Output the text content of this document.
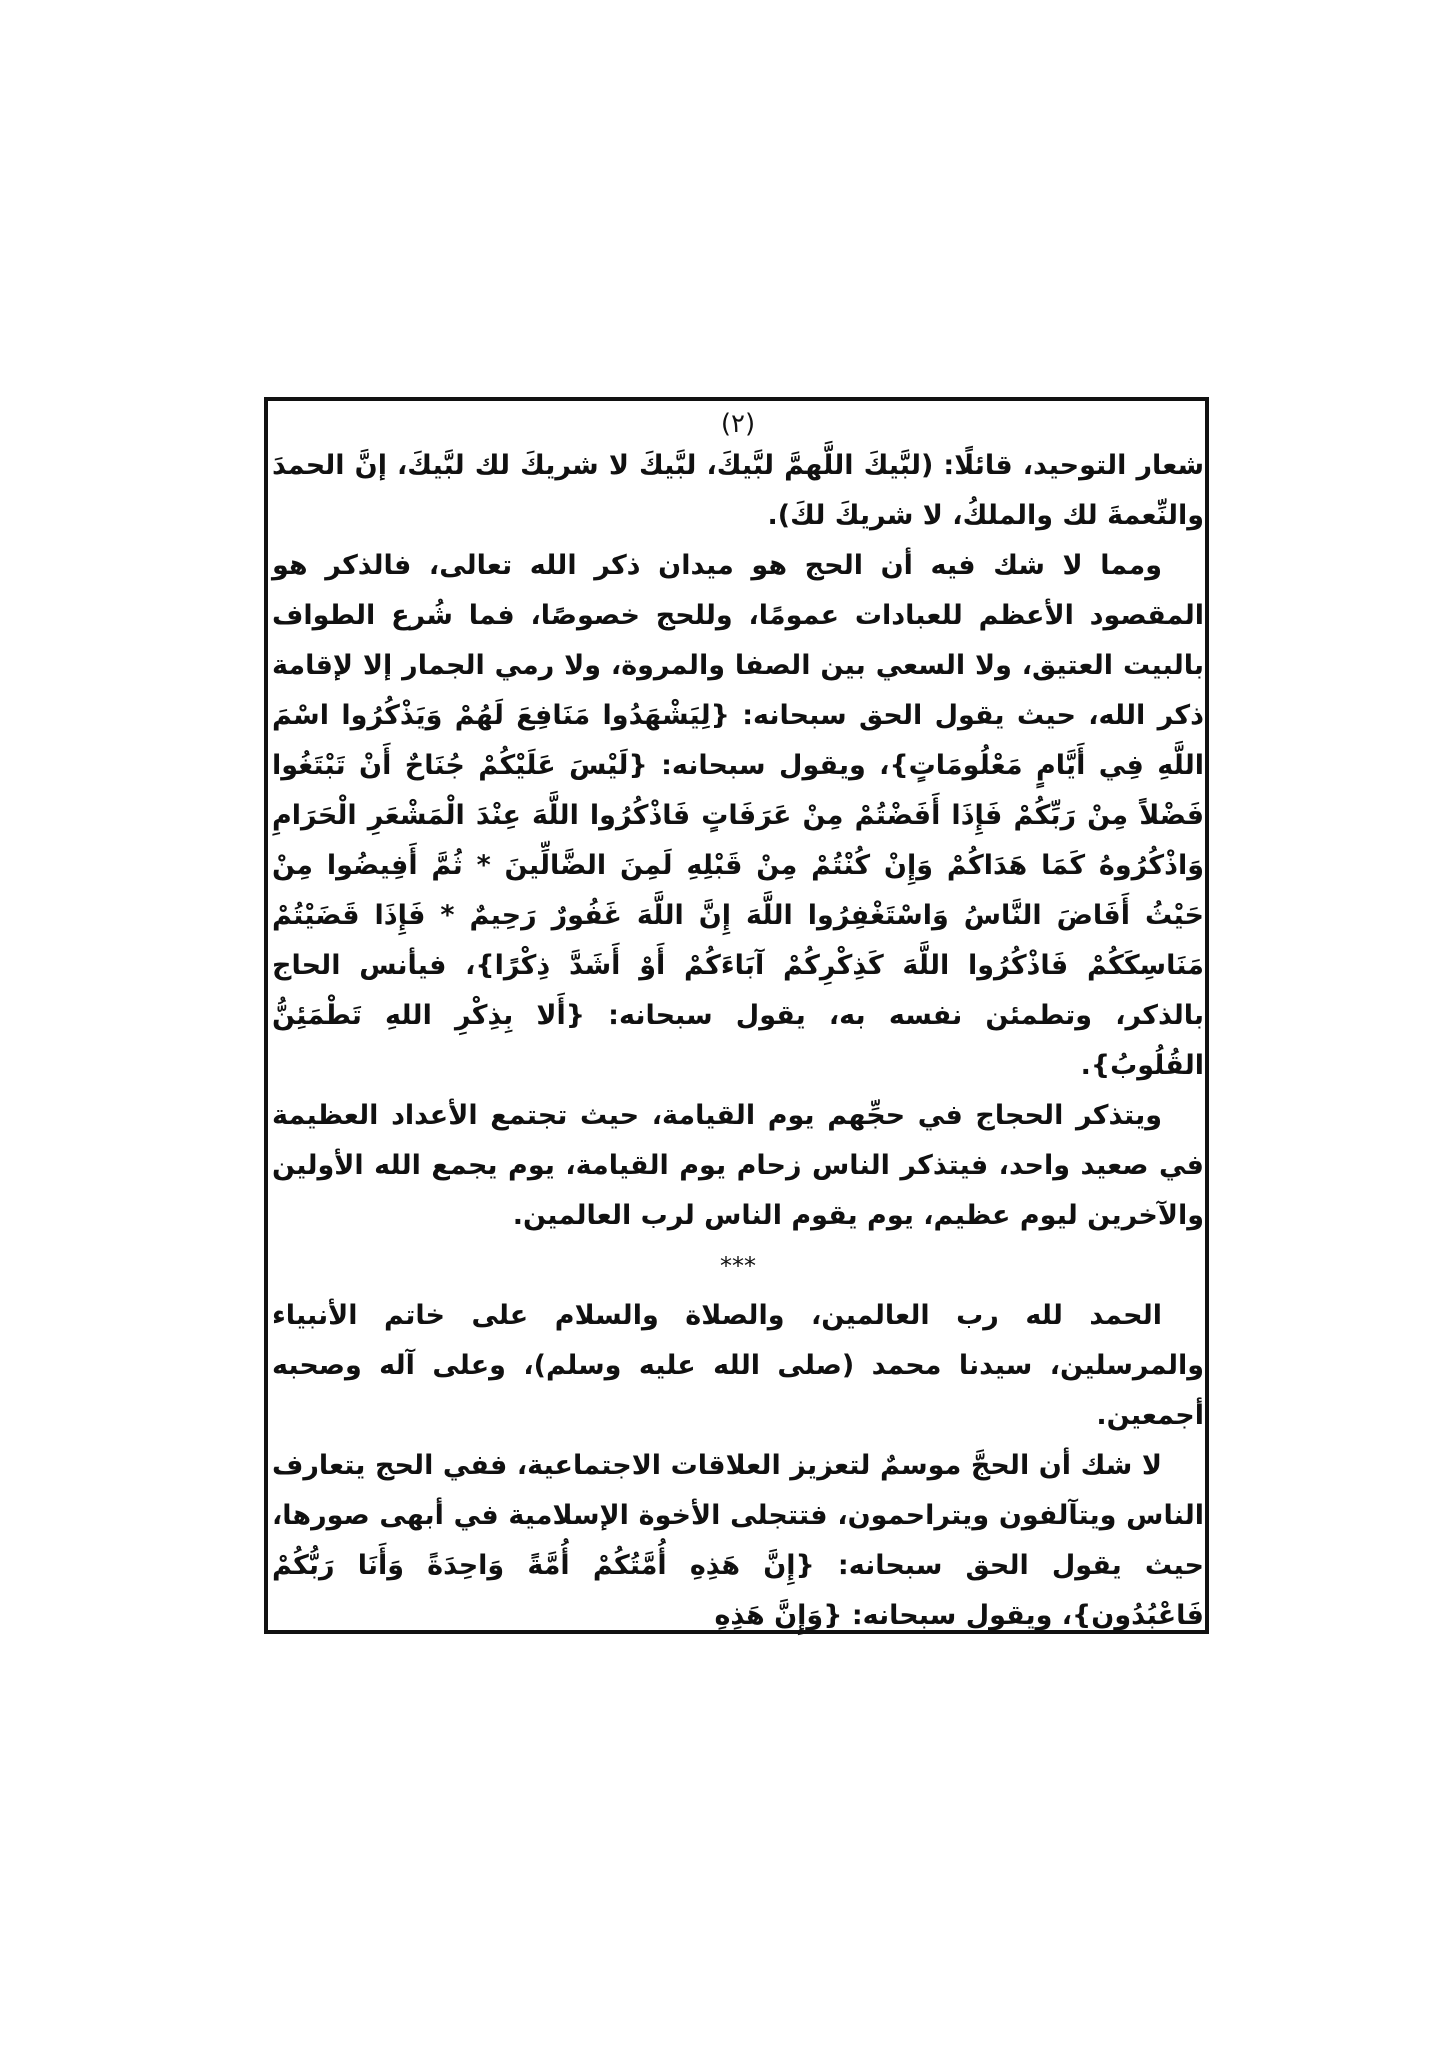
(٢)

شعار التوحيد، قائلًا: (لبَّيكَ اللَّهمَّ لبَّيكَ، لبَّيكَ لا شريكَ لك لبَّيكَ، إنَّ الحمدَ والنِّعمةَ لك والملكُ، لا شريكَ لكَ).

ومما لا شك فيه أن الحج هو ميدان ذكر الله تعالى، فالذكر هو المقصود الأعظم للعبادات عمومًا، وللحج خصوصًا، فما شُرع الطواف بالبيت العتيق، ولا السعي بين الصفا والمروة، ولا رمي الجمار إلا لإقامة ذكر الله، حيث يقول الحق سبحانه: {لِيَشْهَدُوا مَنَافِعَ لَهُمْ وَيَذْكُرُوا اسْمَ اللَّهِ فِي أَيَّامٍ مَعْلُومَاتٍ}، ويقول سبحانه: {لَيْسَ عَلَيْكُمْ جُنَاحٌ أَنْ تَبْتَغُوا فَضْلاً مِنْ رَبِّكُمْ فَإِذَا أَفَضْتُمْ مِنْ عَرَفَاتٍ فَاذْكُرُوا اللَّهَ عِنْدَ الْمَشْعَرِ الْحَرَامِ وَاذْكُرُوهُ كَمَا هَدَاكُمْ وَإِنْ كُنْتُمْ مِنْ قَبْلِهِ لَمِنَ الضَّالِّينَ * ثُمَّ أَفِيضُوا مِنْ حَيْثُ أَفَاضَ النَّاسُ وَاسْتَغْفِرُوا اللَّهَ إِنَّ اللَّهَ غَفُورٌ رَحِيمٌ * فَإِذَا قَضَيْتُمْ مَنَاسِكَكُمْ فَاذْكُرُوا اللَّهَ كَذِكْرِكُمْ آبَاءَكُمْ أَوْ أَشَدَّ ذِكْرًا}، فيأنس الحاج بالذكر، وتطمئن نفسه به، يقول سبحانه: {أَلا بِذِكْرِ اللهِ تَطْمَئِنُّ القُلُوبُ}.

ويتذكر الحجاج في حجِّهم يوم القيامة، حيث تجتمع الأعداد العظيمة في صعيد واحد، فيتذكر الناس زحام يوم القيامة، يوم يجمع الله الأولين والآخرين ليوم عظيم، يوم يقوم الناس لرب العالمين.

***

الحمد لله رب العالمين، والصلاة والسلام على خاتم الأنبياء والمرسلين، سيدنا محمد (صلى الله عليه وسلم)، وعلى آله وصحبه أجمعين.

لا شك أن الحجَّ موسمٌ لتعزيز العلاقات الاجتماعية، ففي الحج يتعارف الناس ويتآلفون ويتراحمون، فتتجلى الأخوة الإسلامية في أبهى صورها، حيث يقول الحق سبحانه: {إِنَّ هَذِهِ أُمَّتُكُمْ أُمَّةً وَاحِدَةً وَأَنَا رَبُّكُمْ فَاعْبُدُونِ}، ويقول سبحانه: {وَإِنَّ هَذِهِ
